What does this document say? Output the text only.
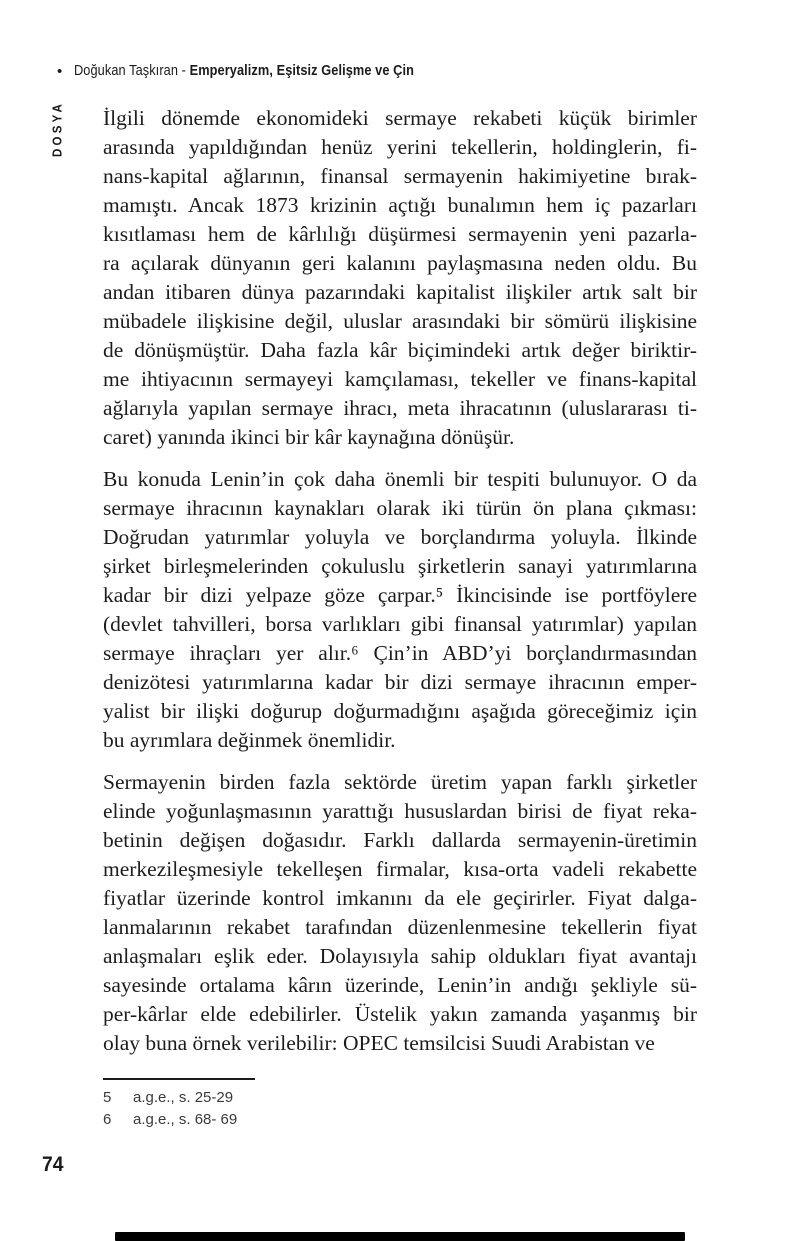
• Doğukan Taşkıran - Emperyalizm, Eşitsiz Gelişme ve Çin
DOSYA İlgili dönemde ekonomideki sermaye rekabeti küçük birimler
arasında yapıldığından henüz yerini tekellerin, holdinglerin, fi-
nans-kapital ağlarının, finansal sermayenin hakimiyetine bırak-
mamıştı. Ancak 1873 krizinin açtığı bunalımın hem iç pazarları
kısıtlaması hem de kârlılığı düşürmesi sermayenin yeni pazarla-
ra açılarak dünyanın geri kalanını paylaşmasına neden oldu. Bu
andan itibaren dünya pazarındaki kapitalist ilişkiler artık salt bir
mübadele ilişkisine değil, uluslar arasındaki bir sömürü ilişkisine
de dönüşmüştür. Daha fazla kâr biçimindeki artık değer biriktir-
me ihtiyacının sermayeyi kamçılaması, tekeller ve finans-kapital
ağlarıyla yapılan sermaye ihracı, meta ihracatının (uluslararası ti-
caret) yanında ikinci bir kâr kaynağına dönüşür.
Bu konuda Lenin’in çok daha önemli bir tespiti bulunuyor. O da
sermaye ihracının kaynakları olarak iki türün ön plana çıkması:
Doğrudan yatırımlar yoluyla ve borçlandırma yoluyla. İlkinde
şirket birleşmelerinden çokuluslu şirketlerin sanayi yatırımlarına
kadar bir dizi yelpaze göze çarpar.⁵ İkincisinde ise portföylere
(devlet tahvilleri, borsa varlıkları gibi finansal yatırımlar) yapılan
sermaye ihraçları yer alır.⁶ Çin’in ABD’yi borçlandırmasından
denizötesi yatırımlarına kadar bir dizi sermaye ihracının emper-
yalist bir ilişki doğurup doğurmadığını aşağıda göreceğimiz için
bu ayrımlara değinmek önemlidir.
Sermayenin birden fazla sektörde üretim yapan farklı şirketler
elinde yoğunlaşmasının yarattığı hususlardan birisi de fiyat reka-
betinin değişen doğasıdır. Farklı dallarda sermayenin-üretimin
merkezileşmesiyle tekelleşen firmalar, kısa-orta vadeli rekabette
fiyatlar üzerinde kontrol imkanını da ele geçirirler. Fiyat dalga-
lanmalarının rekabet tarafından düzenlenmesine tekellerin fiyat
anlaşmaları eşlik eder. Dolayısıyla sahip oldukları fiyat avantajı
sayesinde ortalama kârın üzerinde, Lenin’in andığı şekliyle sü-
per-kârlar elde edebilirler. Üstelik yakın zamanda yaşanmış bir
olay buna örnek verilebilir: OPEC temsilcisi Suudi Arabistan ve
5	a.g.e., s. 25-29
6	a.g.e., s. 68- 69
74
